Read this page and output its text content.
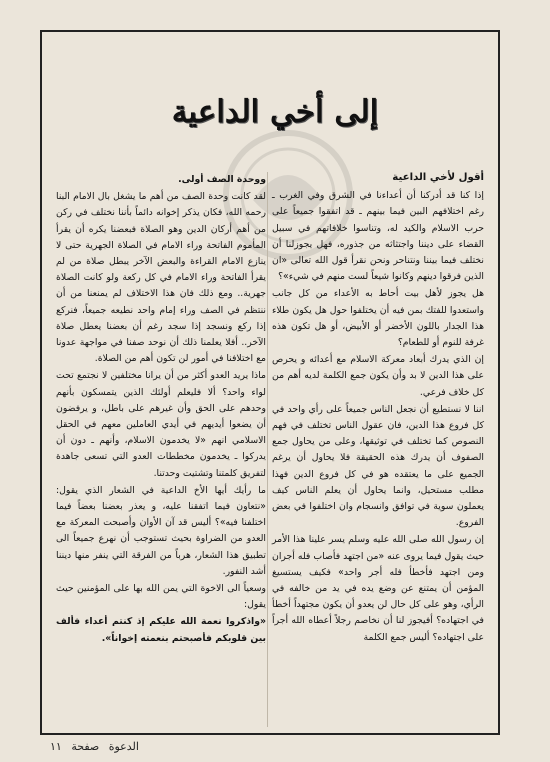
إلى أخي الداعية

أقول لأخي الداعية

إذا كنا قد أدركنا أن أعداءنا في الشرق وفي الغرب ـ رغم اختلافهم البين فيما بينهم ـ قد اتفقوا جميعاً على حرب الاسلام والكيد له، وتناسوا خلافاتهم في سبيل القضاء على ديننا واجتثاثه من جذوره، فهل يجوزلنا أن نختلف فيما بيننا ونتناحر ونحن نقرأ قول الله تعالى «ان الذين فرقوا دينهم وكانوا شيعاً لست منهم في شيء»؟

هل يجوز لأهل بيت أحاط به الأعداء من كل جانب واستعدوا للفتك بمن فيه أن يختلفوا حول هل يكون طلاء هذا الجدار باللون الأخضر أو الأبيض، أو هل تكون هذه غرفة للنوم أو للطعام؟

إن الذي يدرك أبعاد معركة الاسلام مع أعدائه و يحرص على هذا الدين لا بد وأن يكون جمع الكلمة لديه أهم من كل خلاف فرعي.

اننا لا نستطيع أن نجعل الناس جميعاً على رأي واحد في كل فروع هذا الدين، فان عقول الناس تختلف في فهم النصوص كما تختلف في توثيقها، وعلى من يحاول جمع الصفوف أن يدرك هذه الحقيقة فلا يحاول أن يرغم الجميع على ما يعتقده هو في كل فروع الدين فهذا مطلب مستحيل، وانما يحاول أن يعلم الناس كيف يعملون سوية في توافق وانسجام وان اختلفوا في بعض الفروع.

إن رسول الله صلى الله عليه وسلم يسر علينا هذا الأمر حيث يقول فيما يروى عنه «من اجتهد فأصاب فله أجران ومن اجتهد فأخطأ فله أجر واحد» فكيف يستسيغ المؤمن أن يمتنع عن وضع يده في يد من خالفه في الرأي، وهو على كل حال لن يعدو أن يكون مجتهداً أخطأ في اجتهاده؟ أفيجوز لنا أن نخاصم رجلاً أعطاه الله أجراً على اجتهاده؟ أليس جمع الكلمة

ووحدة الصف أولى.

لقد كانت وحدة الصف من أهم ما يشغل بال الامام البنا رحمه الله، فكان يذكر إخوانه دائماً بأننا نختلف في ركن من أهم أركان الدين وهو الصلاة فبعضنا يكره أن يقرأ المأموم الفاتحة وراء الامام في الصلاة الجهرية حتى لا ينازع الامام القراءة والبعض الآخر يبطل صلاة من لم يقرأ الفاتحة وراء الامام في كل ركعة ولو كانت الصلاة جهرية.. ومع ذلك فان هذا الاختلاف لم يمنعنا من أن ننتظم في الصف وراء إمام واحد نطيعه جميعاً، فنركع إذا ركع ونسجد إذا سجد رغم أن بعضنا يعطل صلاة الآخر.. أفلا يعلمنا ذلك أن نوحد صفنا في مواجهة عدونا مع اختلافنا في أمور لن تكون أهم من الصلاة.

ماذا يريد العدو أكثر من أن يرانا مختلفين لا نجتمع تحت لواء واحد؟ ألا فليعلم أولئك الذين يتمسكون بأنهم وحدهم على الحق وأن غيرهم على باطل، و يرفضون أن يضعوا أيديهم في أيدي العاملين معهم في الحقل الاسلامي انهم «لا يخدمون الاسلام، وأنهم ـ دون أن يدركوا ـ يخدمون مخططات العدو التي تسعى جاهدة لتفريق كلمتنا وتشتيت وحدتنا.

ما رأيك أيها الأخ الداعية في الشعار الذي يقول: «نتعاون فيما اتفقنا عليه، و يعذر بعضنا بعضاً فيما اختلفنا فيه»؟ أليس قد آن الأوان وأصبحت المعركة مع العدو من الضراوة بحيث تستوجب أن نهرع جميعاً الى تطبيق هذا الشعار، هرباً من الفرقة التي ينفر منها ديننا أشد النفور.

وسعياً الى الاخوة التي يمن الله بها على المؤمنين حيث يقول:

«واذكروا نعمة الله عليكم إذ كنتم أعداء فألف بين قلوبكم فأصبحتم بنعمته إخواناً».

الدعوة صفحة ١١
